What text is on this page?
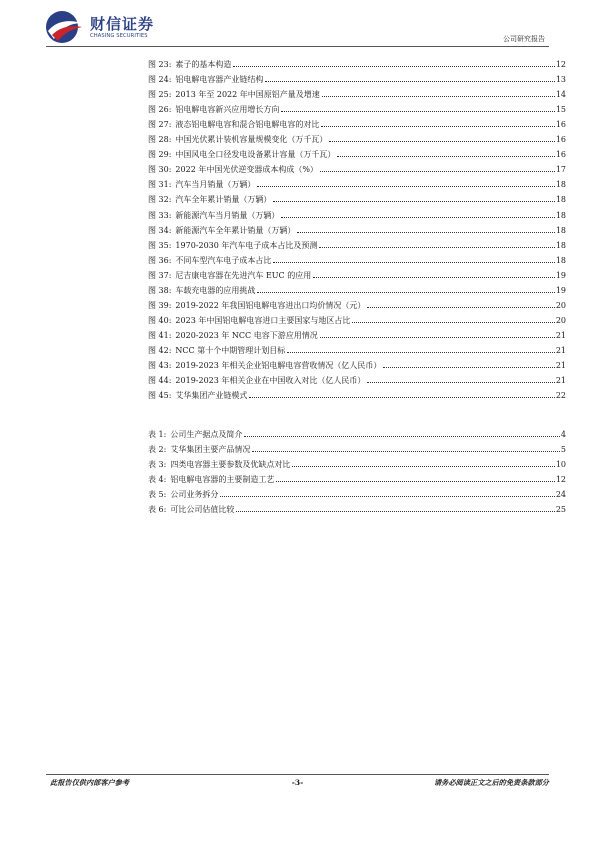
财信证券
CHASING SECURITIES	公司研究报告
图 23: 素子的基本构造	12
图 24: 铝电解电容器产业链结构	13
图 25: 2013 年至 2022 年中国原铝产量及增速	14
图 26: 铝电解电容新兴应用增长方向	15
图 27: 液态铝电解电容和混合铝电解电容的对比	16
图 28: 中国光伏累计装机容量规模变化（万千瓦）	16
图 29: 中国风电全口径发电设备累计容量（万千瓦）	16
图 30: 2022 年中国光伏逆变器成本构成（%）	17
图 31: 汽车当月销量（万辆）	18
图 32: 汽车全年累计销量（万辆）	18
图 33: 新能源汽车当月销量（万辆）	18
图 34: 新能源汽车全年累计销量（万辆）	18
图 35: 1970-2030 年汽车电子成本占比及预测	18
图 36: 不同车型汽车电子成本占比	18
图 37: 尼吉康电容器在先进汽车 EUC 的应用	19
图 38: 车载充电器的应用挑战	19
图 39: 2019-2022 年我国铝电解电容进出口均价情况（元）	20
图 40: 2023 年中国铝电解电容进口主要国家与地区占比	20
图 41: 2020-2023 年 NCC 电容下游应用情况	21
图 42: NCC 第十个中期管理计划目标	21
图 43: 2019-2023 年相关企业铝电解电容营收情况（亿人民币）	21
图 44: 2019-2023 年相关企业在中国收入对比（亿人民币）	21
图 45: 艾华集团产业链模式	22
表 1: 公司生产据点及简介	4
表 2: 艾华集团主要产品情况	5
表 3: 四类电容器主要参数及优缺点对比	10
表 4: 铝电解电容器的主要制造工艺	12
表 5: 公司业务拆分	24
表 6: 可比公司估值比较	25
此报告仅供内部客户参考	-3-	请务必阅读正文之后的免责条款部分
